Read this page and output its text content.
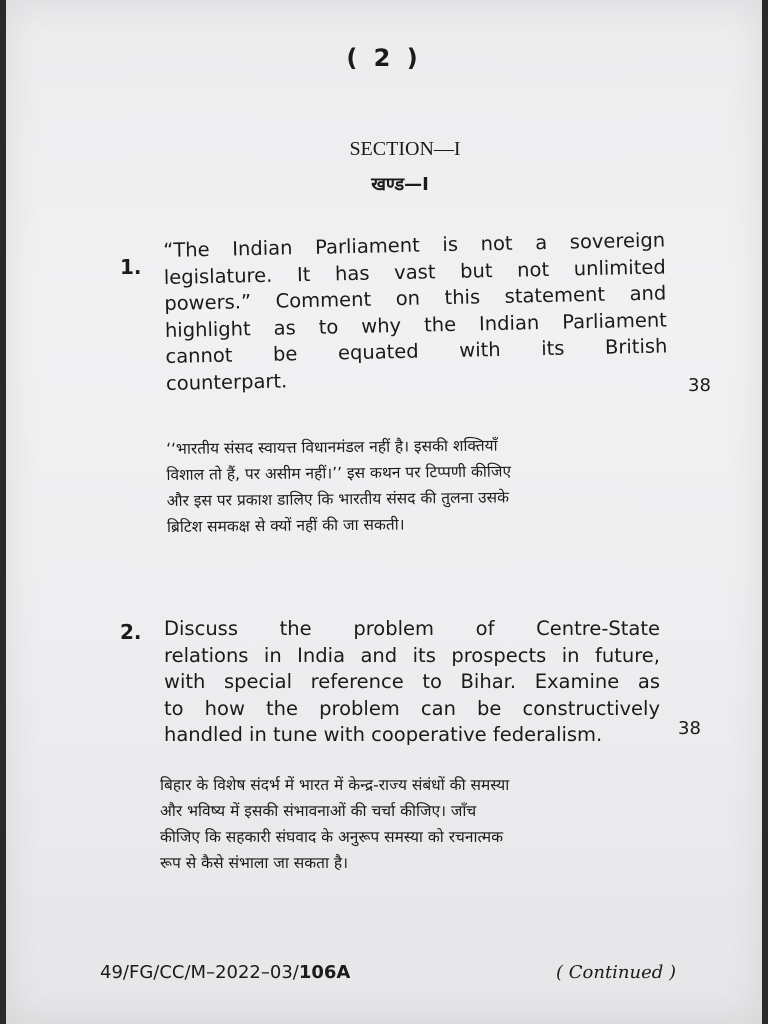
( 2 )
SECTION—I
खण्ड—I
1.
“The Indian Parliament is not a sovereign
legislature. It has vast but not unlimited
powers.” Comment on this statement and
highlight as to why the Indian Parliament
cannot be equated with its British
counterpart.	38
‘‘भारतीय संसद स्वायत्त विधानमंडल नहीं है। इसकी शक्तियाँ
विशाल तो हैं, पर असीम नहीं।’’ इस कथन पर टिप्पणी कीजिए
और इस पर प्रकाश डालिए कि भारतीय संसद की तुलना उसके
ब्रिटिश समकक्ष से क्यों नहीं की जा सकती।
2. Discuss the problem of Centre-State
relations in India and its prospects in future,
with special reference to Bihar. Examine as
to how the problem can be constructively
handled in tune with cooperative federalism.	38
बिहार के विशेष संदर्भ में भारत में केन्द्र-राज्य संबंधों की समस्या
और भविष्य में इसकी संभावनाओं की चर्चा कीजिए। जाँच
कीजिए कि सहकारी संघवाद के अनुरूप समस्या को रचनात्मक
रूप से कैसे संभाला जा सकता है।
49/FG/CC/M–2022–03/106A	( Continued )
